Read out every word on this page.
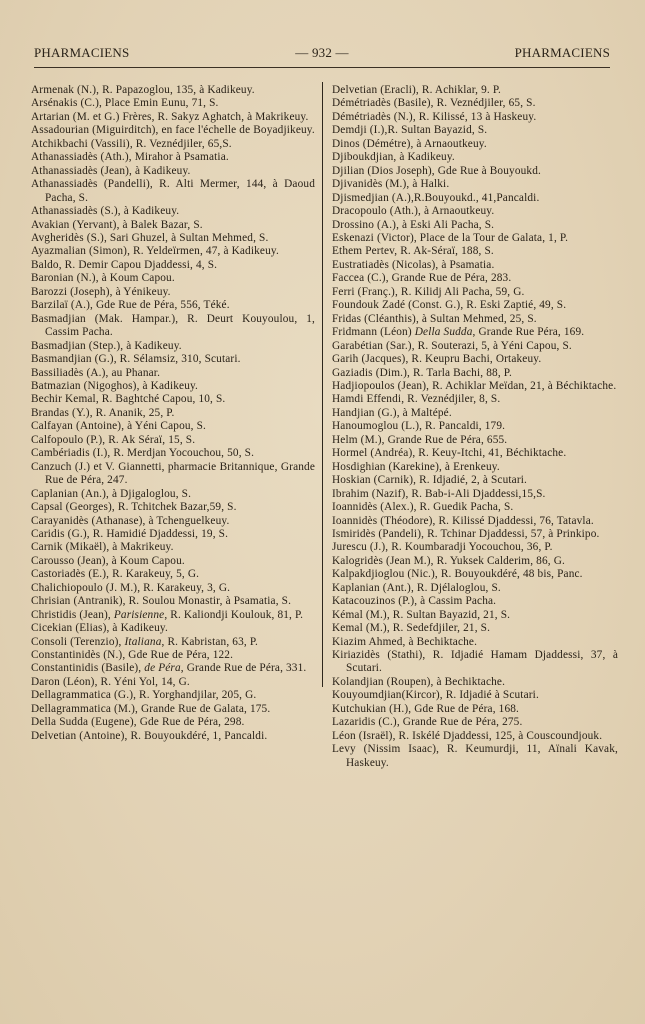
PHARMACIENS	— 932 —	PHARMACIENS

Armenak (N.), R. Papazoglou, 135, à Kadikeuy.

Arsénakis (C.), Place Emin Eunu, 71, S.

Artarian (M. et G.) Frères, R. Sakyz Aghatch, à Makrikeuy.

Assadourian (Miguirditch), en face l'échelle de Boyadjikeuy.

Atchikbachi (Vassili), R. Veznédjiler, 65,S.

Athanassiadès (Ath.), Mirahor à Psamatia.

Athanassiadès (Jean), à Kadikeuy.

Athanassiadès (Pandelli), R. Alti Mermer, 144, à Daoud Pacha, S.

Athanassiadès (S.), à Kadikeuy.

Avakian (Yervant), à Balek Bazar, S.

Avgheridès (S.), Sari Ghuzel, à Sultan Mehmed, S.

Ayazmalian (Simon), R. Yeldeïrmen, 47, à Kadikeuy.

Baldo, R. Demir Capou Djaddessi, 4, S.

Baronian (N.), à Koum Capou.

Barozzi (Joseph), à Yénikeuy.

Barzilaï (A.), Gde Rue de Péra, 556, Téké.

Basmadjian (Mak. Hampar.), R. Deurt Kouyoulou, 1, Cassim Pacha.

Basmadjian (Step.), à Kadikeuy.

Basmandjian (G.), R. Sélamsiz, 310, Scutari.

Bassiliadès (A.), au Phanar.

Batmazian (Nigoghos), à Kadikeuy.

Bechir Kemal, R. Baghtché Capou, 10, S.

Brandas (Y.), R. Ananik, 25, P.

Calfayan (Antoine), à Yéni Capou, S.

Calfopoulo (P.), R. Ak Séraï, 15, S.

Cambériadis (I.), R. Merdjan Yocouchou, 50, S.

Canzuch (J.) et V. Giannetti, pharmacie Britannique, Grande Rue de Péra, 247.

Caplanian (An.), à Djigaloglou, S.

Capsal (Georges), R. Tchitchek Bazar,59, S.

Carayanidès (Athanase), à Tchenguelkeuy.

Caridis (G.), R. Hamidié Djaddessi, 19, S.

Carnik (Mikaël), à Makrikeuy.

Carousso (Jean), à Koum Capou.

Castoriadès (E.), R. Karakeuy, 5, G.

Chalichiopoulo (J. M.), R. Karakeuy, 3, G.

Chrisian (Antranik), R. Soulou Monastir, à Psamatia, S.

Christidis (Jean), Parisienne, R. Kaliondji Koulouk, 81, P.

Cicekian (Elias), à Kadikeuy.

Consoli (Terenzio), Italiana, R. Kabristan, 63, P.

Constantinidès (N.), Gde Rue de Péra, 122.

Constantinidis (Basile), de Péra, Grande Rue de Péra, 331.

Daron (Léon), R. Yéni Yol, 14, G.

Dellagrammatica (G.), R. Yorghandjilar, 205, G.

Dellagrammatica (M.), Grande Rue de Galata, 175.

Della Sudda (Eugene), Gde Rue de Péra, 298.

Delvetian (Antoine), R. Bouyoukdéré, 1, Pancaldi.

Delvetian (Eracli), R. Achiklar, 9. P.

Démétriadès (Basile), R. Veznédjiler, 65, S.

Démétriadès (N.), R. Kilissé, 13 à Haskeuy.

Demdji (I.),R. Sultan Bayazid, S.

Dinos (Démétre), à Arnaoutkeuy.

Djiboukdjian, à Kadikeuy.

Djilian (Dios Joseph), Gde Rue à Bouyoukd.

Djivanidès (M.), à Halki.

Djismedjian (A.),R.Bouyoukd., 41,Pancaldi.

Dracopoulo (Ath.), à Arnaoutkeuy.

Drossino (A.), à Eski Ali Pacha, S.

Eskenazi (Victor), Place de la Tour de Galata, 1, P.

Ethem Pertev, R. Ak-Séraï, 188, S.

Eustratiadès (Nicolas), à Psamatia.

Faccea (C.), Grande Rue de Péra, 283.

Ferri (Franç.), R. Kilidj Ali Pacha, 59, G.

Foundouk Zadé (Const. G.), R. Eski Zaptié, 49, S.

Fridas (Cléanthis), à Sultan Mehmed, 25, S.

Fridmann (Léon) Della Sudda, Grande Rue Péra, 169.

Garabétian (Sar.), R. Souterazi, 5, à Yéni Capou, S.

Garih (Jacques), R. Keupru Bachi, Ortakeuy.

Gaziadis (Dim.), R. Tarla Bachi, 88, P.

Hadjiopoulos (Jean), R. Achiklar Meïdan, 21, à Béchiktache.

Hamdi Effendi, R. Veznédjiler, 8, S.

Handjian (G.), à Maltépé.

Hanoumoglou (L.), R. Pancaldi, 179.

Helm (M.), Grande Rue de Péra, 655.

Hormel (Andréa), R. Keuy-Itchi, 41, Béchiktache.

Hosdighian (Karekine), à Erenkeuy.

Hoskian (Carnik), R. Idjadié, 2, à Scutari.

Ibrahim (Nazif), R. Bab-i-Ali Djaddessi,15,S.

Ioannidès (Alex.), R. Guedik Pacha, S.

Ioannidès (Théodore), R. Kilissé Djaddessi, 76, Tatavla.

Ismiridès (Pandeli), R. Tchinar Djaddessi, 57, à Prinkipo.

Jurescu (J.), R. Koumbaradji Yocouchou, 36, P.

Kalogridès (Jean M.), R. Yuksek Calderim, 86, G.

Kalpakdjioglou (Nic.), R. Bouyoukdéré, 48 bis, Panc.

Kaplanian (Ant.), R. Djélaloglou, S.

Katacouzinos (P.), à Cassim Pacha.

Kémal (M.), R. Sultan Bayazid, 21, S.

Kemal (M.), R. Sedefdjiler, 21, S.

Kiazim Ahmed, à Bechiktache.

Kiriazidès (Stathi), R. Idjadié Hamam Djaddessi, 37, à Scutari.

Kolandjian (Roupen), à Bechiktache.

Kouyoumdjian(Kircor), R. Idjadié à Scutari.

Kutchukian (H.), Gde Rue de Péra, 168.

Lazaridis (C.), Grande Rue de Péra, 275.

Léon (Israël), R. Iskélé Djaddessi, 125, à Couscoundjouk.

Levy (Nissim Isaac), R. Keumurdji, 11, Aïnali Kavak, Haskeuy.
